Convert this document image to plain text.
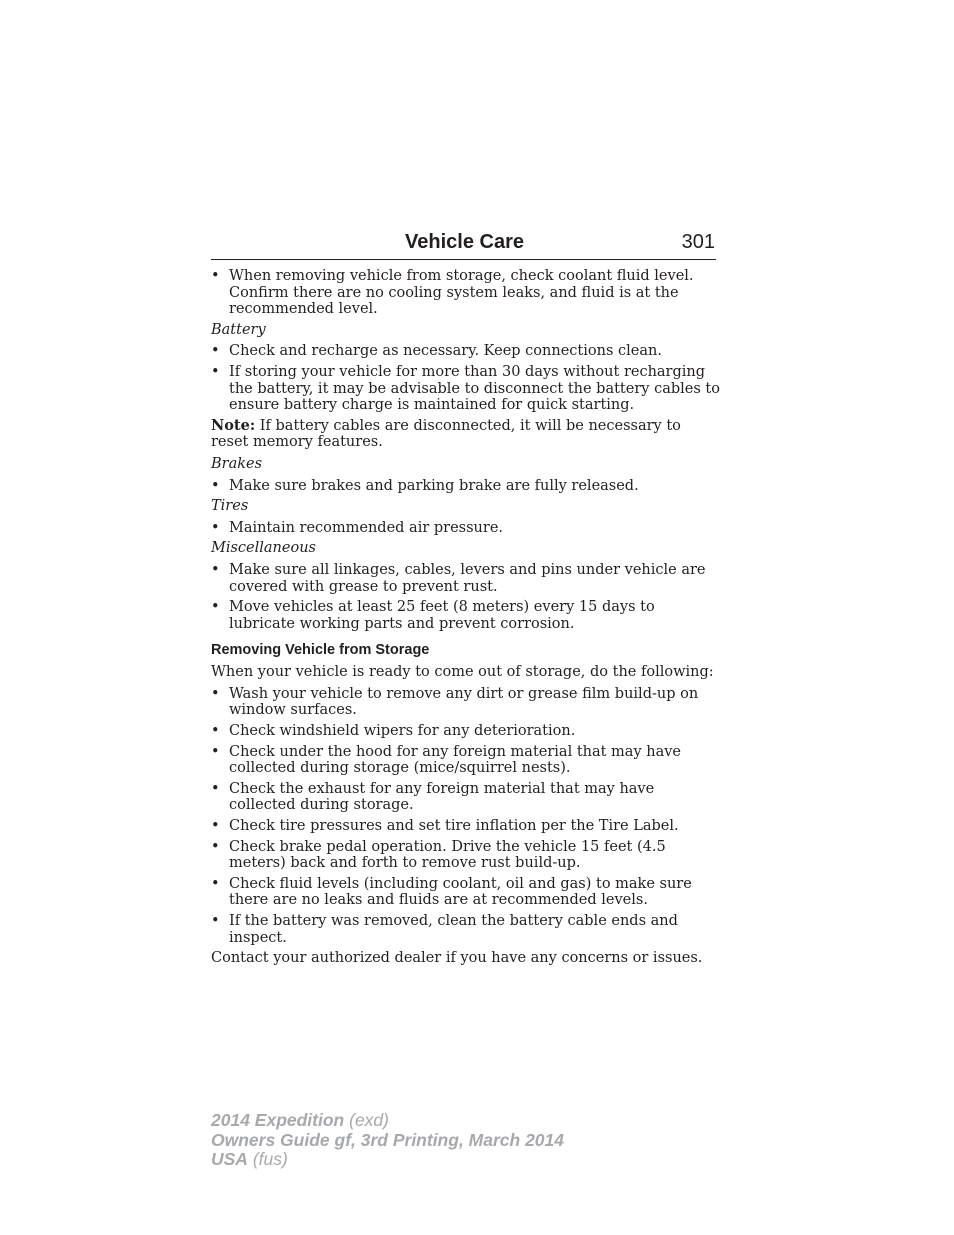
Vehicle Care	301
• When removing vehicle from storage, check coolant fluid level. Confirm there are no cooling system leaks, and fluid is at the recommended level.
Battery
• Check and recharge as necessary. Keep connections clean.
• If storing your vehicle for more than 30 days without recharging the battery, it may be advisable to disconnect the battery cables to ensure battery charge is maintained for quick starting.
Note: If battery cables are disconnected, it will be necessary to reset memory features.
Brakes
• Make sure brakes and parking brake are fully released.
Tires
• Maintain recommended air pressure.
Miscellaneous
• Make sure all linkages, cables, levers and pins under vehicle are covered with grease to prevent rust.
• Move vehicles at least 25 feet (8 meters) every 15 days to lubricate working parts and prevent corrosion.
Removing Vehicle from Storage
When your vehicle is ready to come out of storage, do the following:
• Wash your vehicle to remove any dirt or grease film build-up on window surfaces.
• Check windshield wipers for any deterioration.
• Check under the hood for any foreign material that may have collected during storage (mice/squirrel nests).
• Check the exhaust for any foreign material that may have collected during storage.
• Check tire pressures and set tire inflation per the Tire Label.
• Check brake pedal operation. Drive the vehicle 15 feet (4.5 meters) back and forth to remove rust build-up.
• Check fluid levels (including coolant, oil and gas) to make sure there are no leaks and fluids are at recommended levels.
• If the battery was removed, clean the battery cable ends and inspect.
Contact your authorized dealer if you have any concerns or issues.
2014 Expedition (exd)
Owners Guide gf, 3rd Printing, March 2014
USA (fus)
